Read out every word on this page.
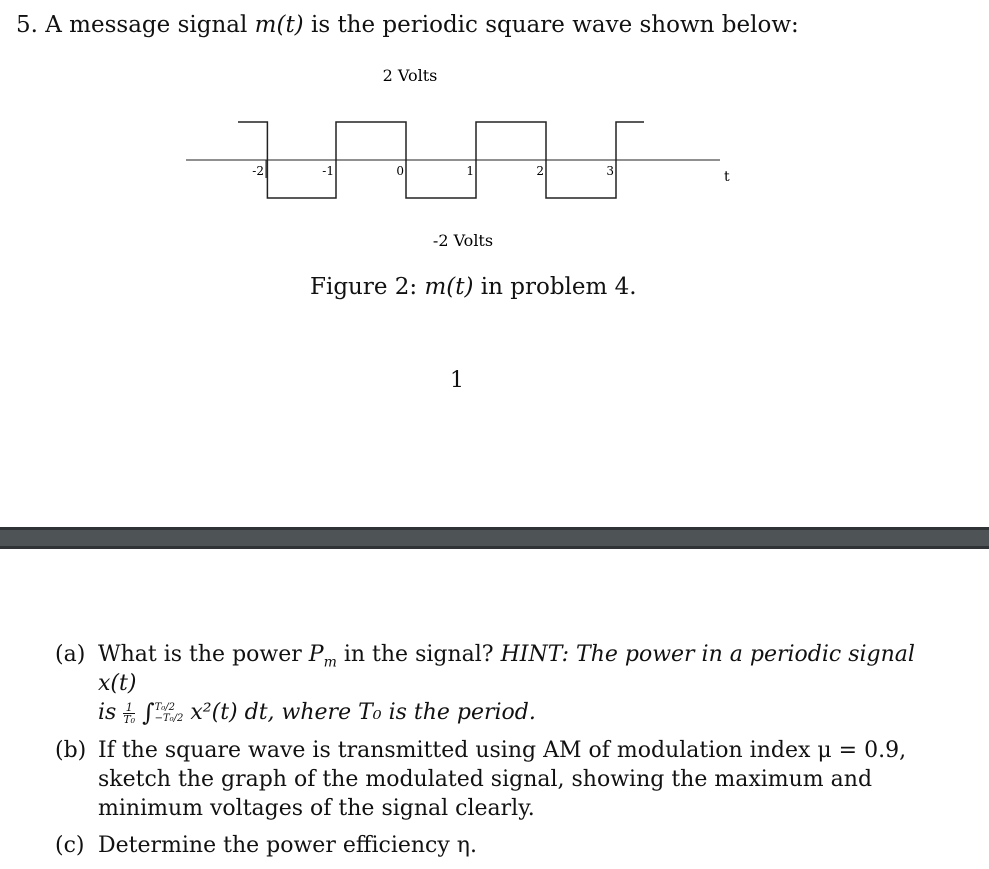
5. A message signal m(t) is the periodic square wave shown below:
2 Volts
t
-2	-1	0	1	2	3
-2 Volts
Figure 2: m(t) in problem 4.
1
(a) What is the power $P_m$ in the signal? HINT: The power in a periodic signal x(t)
is $\frac{1}{\text{T₀}}$ ∫ T₀/2
−T₀/2 x²(t) dt, where T₀ is the period.
(b) If the square wave is transmitted using AM of modulation index μ = 0.9, sketch the graph of the modulated signal, showing the maximum and minimum voltages of the signal clearly.
(c) Determine the power efficiency η.
